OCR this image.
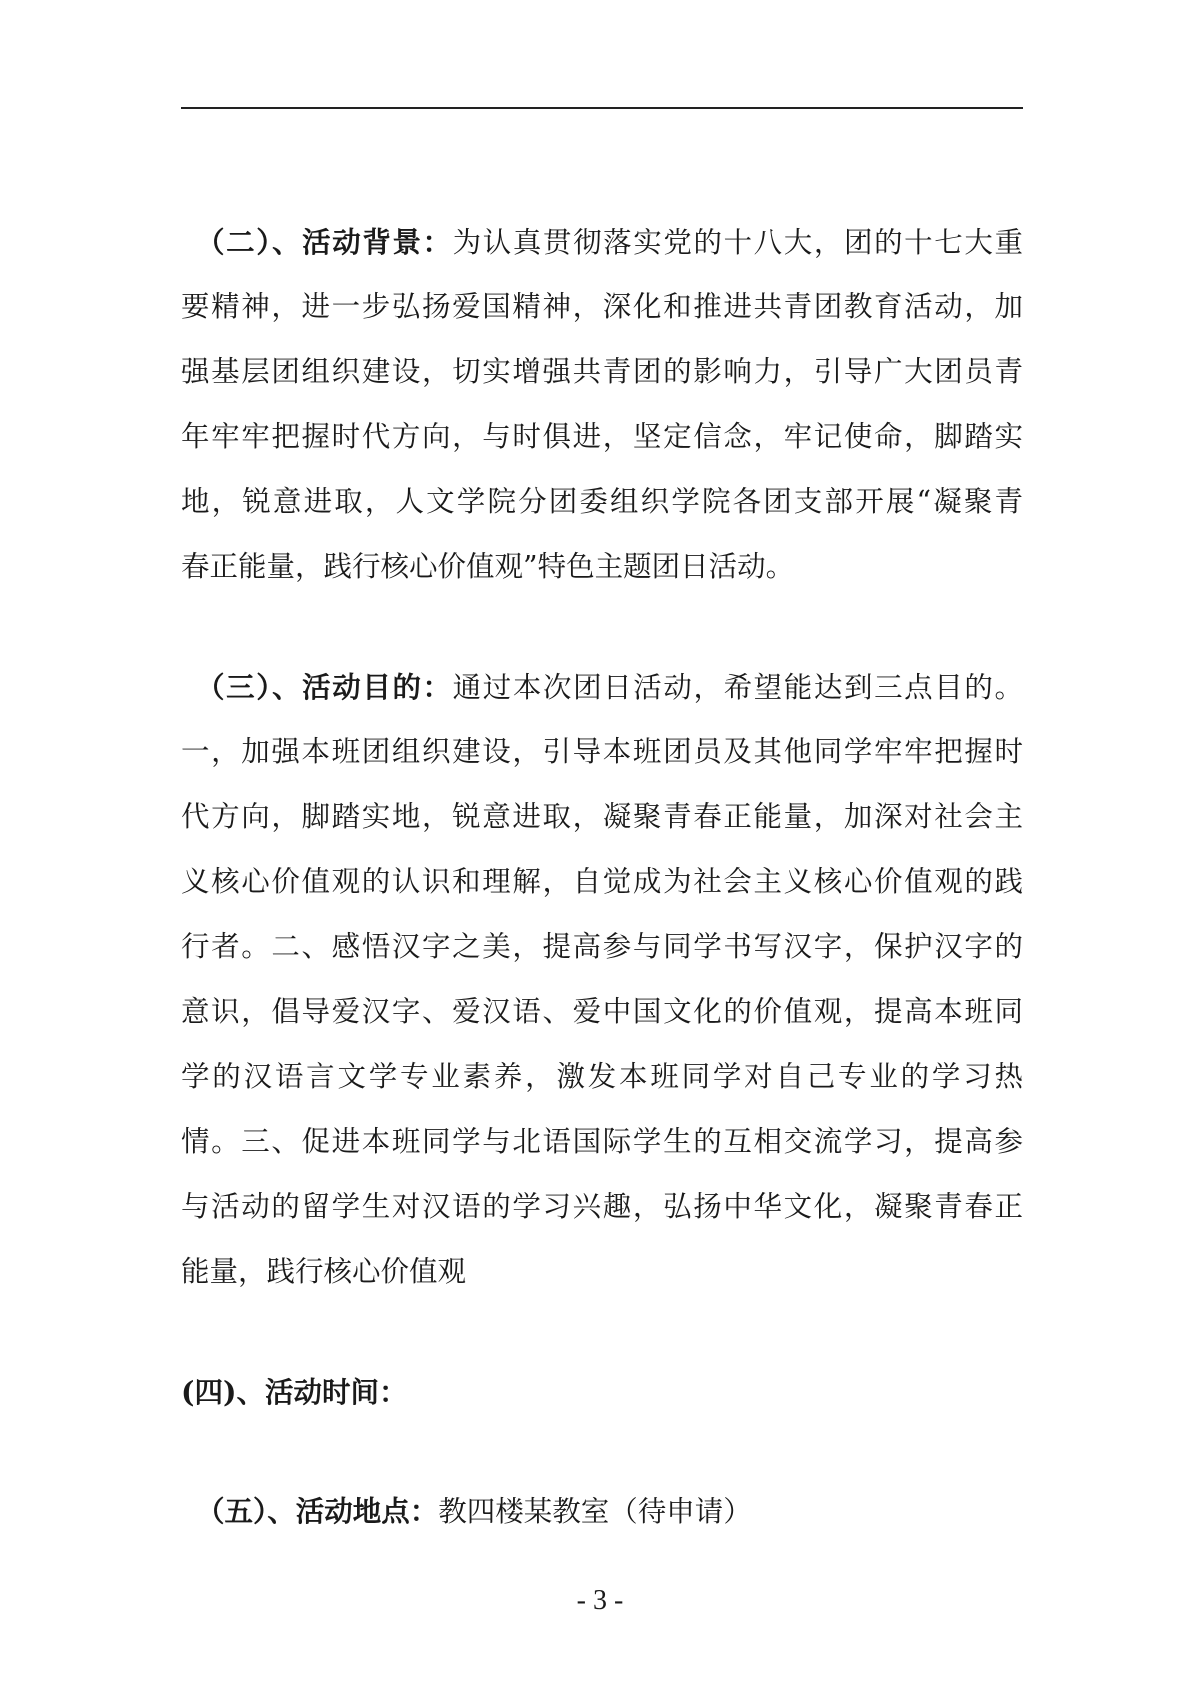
（二）、活动背景：为认真贯彻落实党的十八大，团的十七大重
要精神，进一步弘扬爱国精神，深化和推进共青团教育活动，加
强基层团组织建设，切实增强共青团的影响力，引导广大团员青
年牢牢把握时代方向，与时俱进，坚定信念，牢记使命，脚踏实
地，锐意进取，人文学院分团委组织学院各团支部开展“凝聚青
春正能量，践行核心价值观”特色主题团日活动。
（三）、活动目的：通过本次团日活动，希望能达到三点目的。
一，加强本班团组织建设，引导本班团员及其他同学牢牢把握时
代方向，脚踏实地，锐意进取，凝聚青春正能量，加深对社会主
义核心价值观的认识和理解，自觉成为社会主义核心价值观的践
行者。二、感悟汉字之美，提高参与同学书写汉字，保护汉字的
意识，倡导爱汉字、爱汉语、爱中国文化的价值观，提高本班同
学的汉语言文学专业素养，激发本班同学对自己专业的学习热
情。三、促进本班同学与北语国际学生的互相交流学习，提高参
与活动的留学生对汉语的学习兴趣，弘扬中华文化，凝聚青春正
能量，践行核心价值观
(四)、活动时间：
（五）、活动地点：教四楼某教室（待申请）
- 3 -
